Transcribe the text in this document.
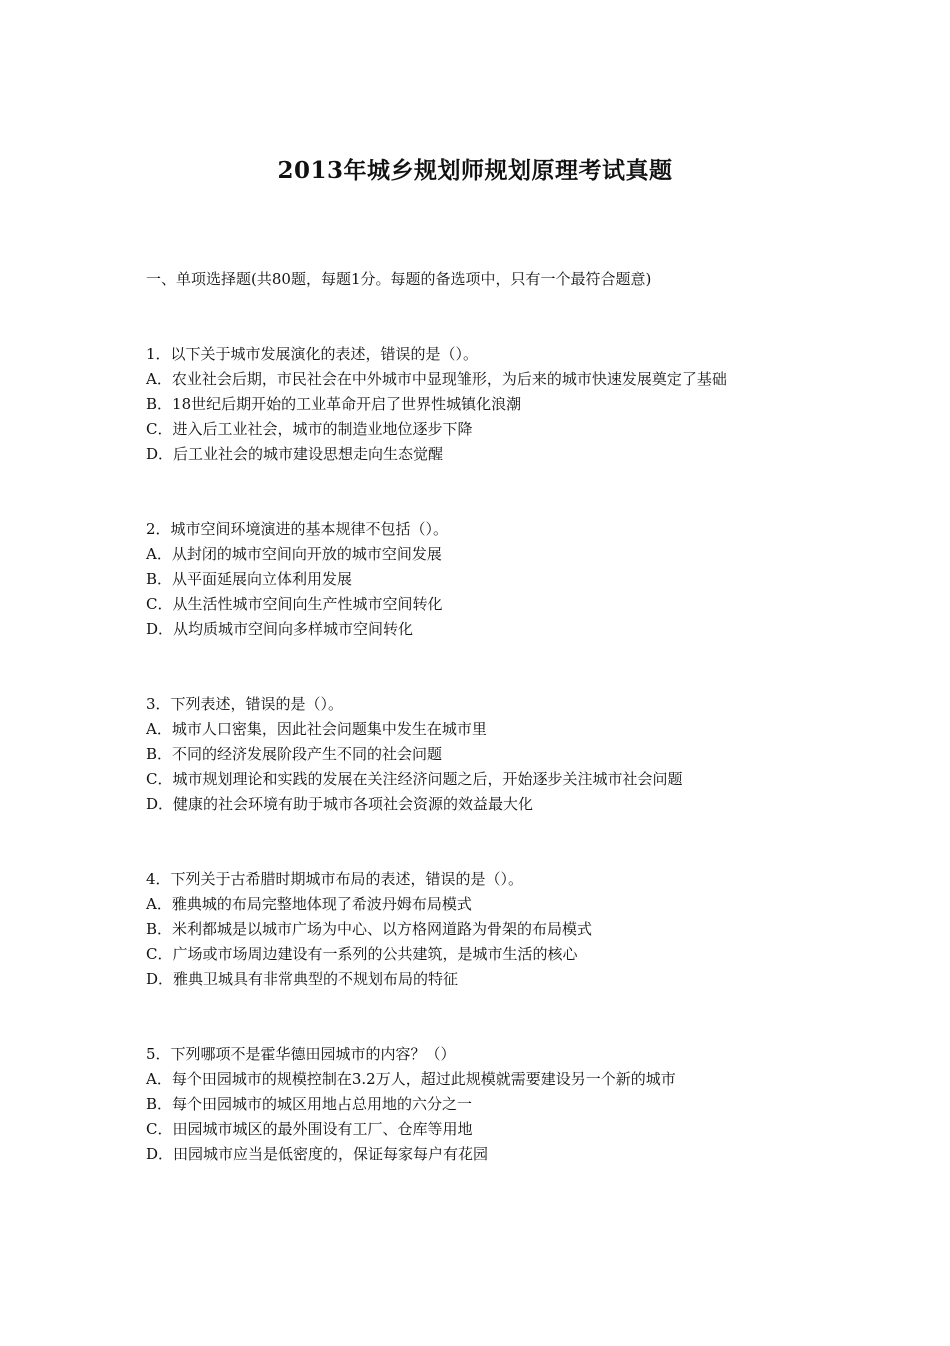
2013年城乡规划师规划原理考试真题
一、单项选择题(共80题，每题1分。每题的备选项中，只有一个最符合题意)
1．以下关于城市发展演化的表述，错误的是（）。
A．农业社会后期，市民社会在中外城市中显现雏形，为后来的城市快速发展奠定了基础
B．18世纪后期开始的工业革命开启了世界性城镇化浪潮
C．进入后工业社会，城市的制造业地位逐步下降
D．后工业社会的城市建设思想走向生态觉醒
2．城市空间环境演进的基本规律不包括（）。
A．从封闭的城市空间向开放的城市空间发展
B．从平面延展向立体利用发展
C．从生活性城市空间向生产性城市空间转化
D．从均质城市空间向多样城市空间转化
3．下列表述，错误的是（）。
A．城市人口密集，因此社会问题集中发生在城市里
B．不同的经济发展阶段产生不同的社会问题
C．城市规划理论和实践的发展在关注经济问题之后，开始逐步关注城市社会问题
D．健康的社会环境有助于城市各项社会资源的效益最大化
4．下列关于古希腊时期城市布局的表述，错误的是（）。
A．雅典城的布局完整地体现了希波丹姆布局模式
B．米利都城是以城市广场为中心、以方格网道路为骨架的布局模式
C．广场或市场周边建设有一系列的公共建筑，是城市生活的核心
D．雅典卫城具有非常典型的不规划布局的特征
5．下列哪项不是霍华德田园城市的内容？（）
A．每个田园城市的规模控制在3.2万人，超过此规模就需要建设另一个新的城市
B．每个田园城市的城区用地占总用地的六分之一
C．田园城市城区的最外围设有工厂、仓库等用地
D．田园城市应当是低密度的，保证每家每户有花园
